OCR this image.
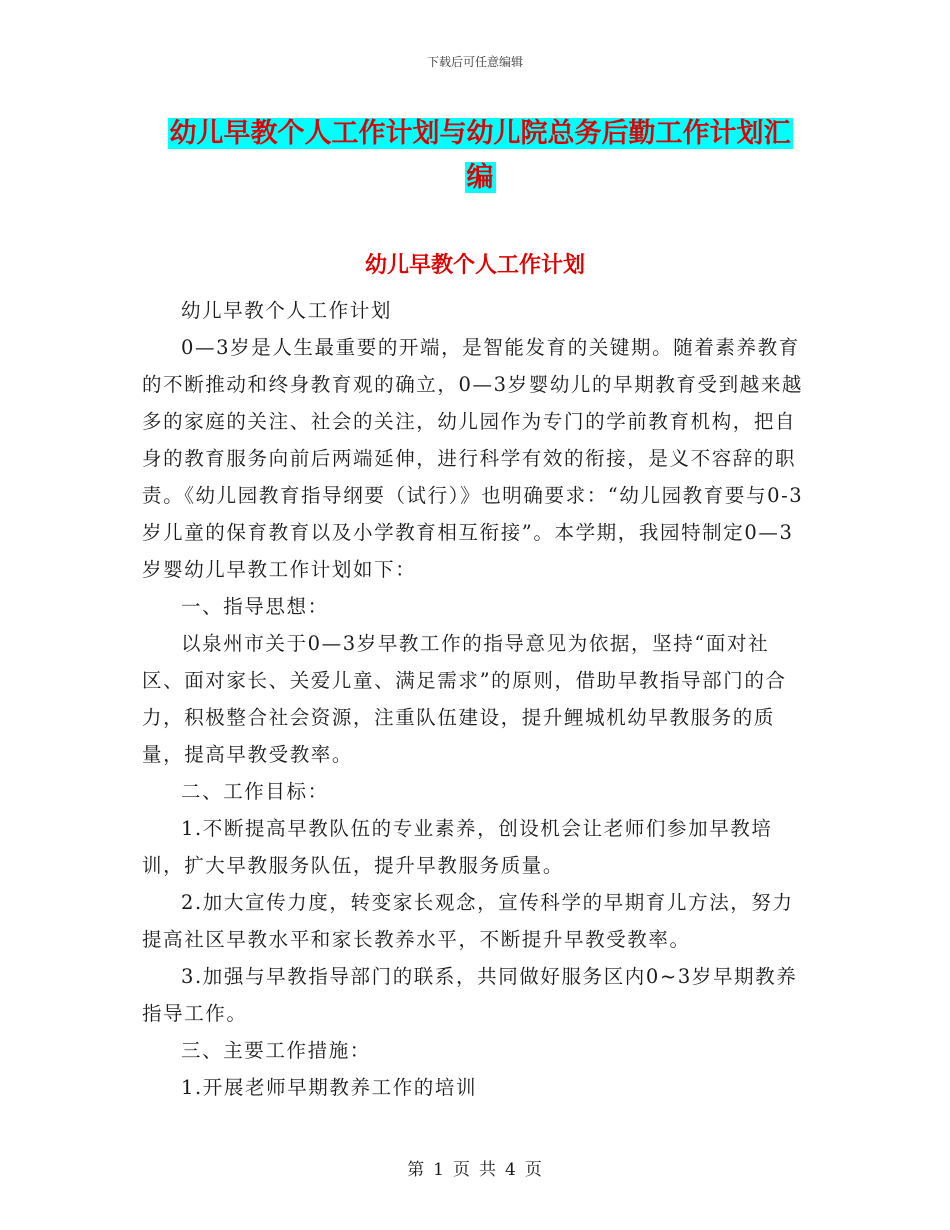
下载后可任意编辑
幼儿早教个人工作计划与幼儿院总务后勤工作计划汇
编
幼儿早教个人工作计划

幼儿早教个人工作计划

0—3岁是人生最重要的开端，是智能发育的关键期。随着素养教育的不断推动和终身教育观的确立，0—3岁婴幼儿的早期教育受到越来越多的家庭的关注、社会的关注，幼儿园作为专门的学前教育机构，把自身的教育服务向前后两端延伸，进行科学有效的衔接，是义不容辞的职责。《幼儿园教育指导纲要（试行）》也明确要求：“幼儿园教育要与0-3岁儿童的保育教育以及小学教育相互衔接”。本学期，我园特制定0—3岁婴幼儿早教工作计划如下：

一、指导思想：

以泉州市关于0—3岁早教工作的指导意见为依据，坚持“面对社区、面对家长、关爱儿童、满足需求”的原则，借助早教指导部门的合力，积极整合社会资源，注重队伍建设，提升鲤城机幼早教服务的质量，提高早教受教率。

二、工作目标：

1.不断提高早教队伍的专业素养，创设机会让老师们参加早教培训，扩大早教服务队伍，提升早教服务质量。

2.加大宣传力度，转变家长观念，宣传科学的早期育儿方法，努力提高社区早教水平和家长教养水平，不断提升早教受教率。

3.加强与早教指导部门的联系，共同做好服务区内0~3岁早期教养指导工作。

三、主要工作措施：

1.开展老师早期教养工作的培训

第 1 页 共 4 页
